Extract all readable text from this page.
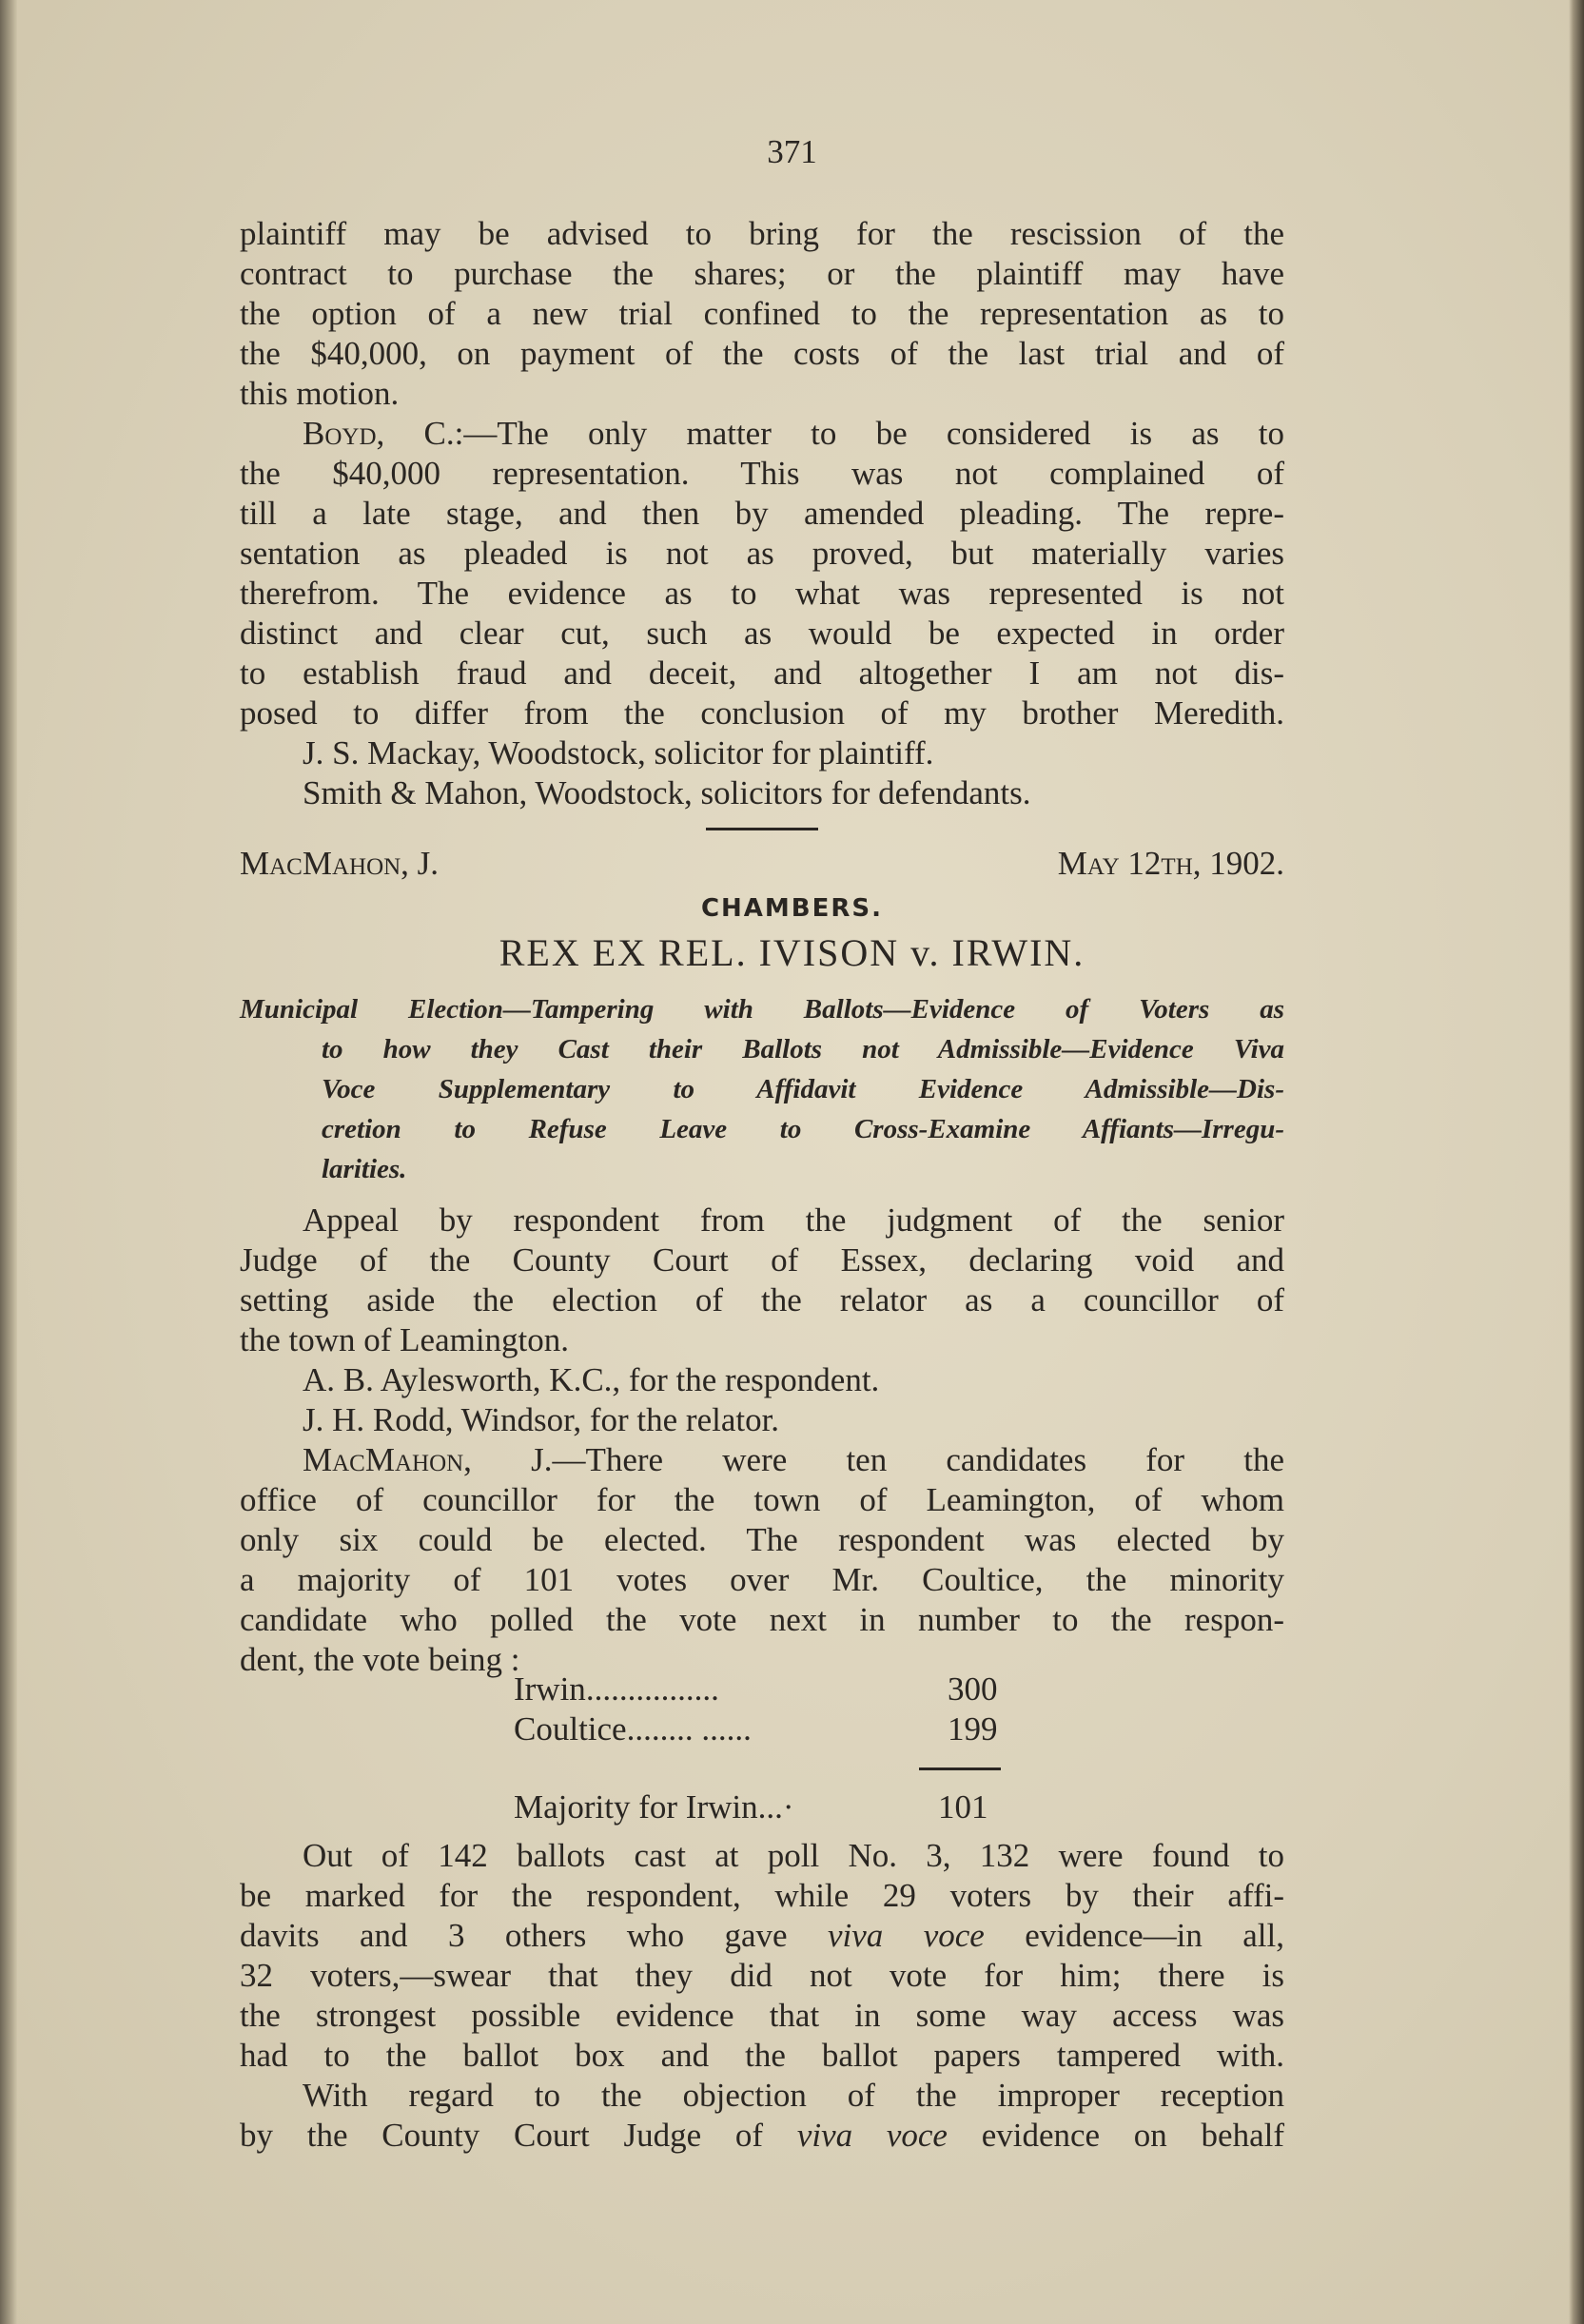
371
plaintiff may be advised to bring for the rescission of the
contract to purchase the shares; or the plaintiff may have
the option of a new trial confined to the representation as to
the $40,000, on payment of the costs of the last trial and of
this motion.
Boyd, C.:—The only matter to be considered is as to
the $40,000 representation. This was not complained of
till a late stage, and then by amended pleading. The repre-
sentation as pleaded is not as proved, but materially varies
therefrom. The evidence as to what was represented is not
distinct and clear cut, such as would be expected in order
to establish fraud and deceit, and altogether I am not dis-
posed to differ from the conclusion of my brother Meredith.
J. S. Mackay, Woodstock, solicitor for plaintiff.
Smith & Mahon, Woodstock, solicitors for defendants.
MacMahon, J.	May 12th, 1902.
CHAMBERS.
REX EX REL. IVISON v. IRWIN.
Municipal Election—Tampering with Ballots—Evidence of Voters as
to how they Cast their Ballots not Admissible—Evidence Viva
Voce Supplementary to Affidavit Evidence Admissible—Dis-
cretion to Refuse Leave to Cross-Examine Affiants—Irregu-
larities.
Appeal by respondent from the judgment of the senior
Judge of the County Court of Essex, declaring void and
setting aside the election of the relator as a councillor of
the town of Leamington.
A. B. Aylesworth, K.C., for the respondent.
J. H. Rodd, Windsor, for the relator.
MacMahon, J.—There were ten candidates for the
office of councillor for the town of Leamington, of whom
only six could be elected. The respondent was elected by
a majority of 101 votes over Mr. Coultice, the minority
candidate who polled the vote next in number to the respon-
dent, the vote being :
Irwin................	300
Coultice........ ......	199
Majority for Irwin...·	101
Out of 142 ballots cast at poll No. 3, 132 were found to
be marked for the respondent, while 29 voters by their affi-
davits and 3 others who gave viva voce evidence—in all,
32 voters,—swear that they did not vote for him; there is
the strongest possible evidence that in some way access was
had to the ballot box and the ballot papers tampered with.
With regard to the objection of the improper reception
by the County Court Judge of viva voce evidence on behalf
